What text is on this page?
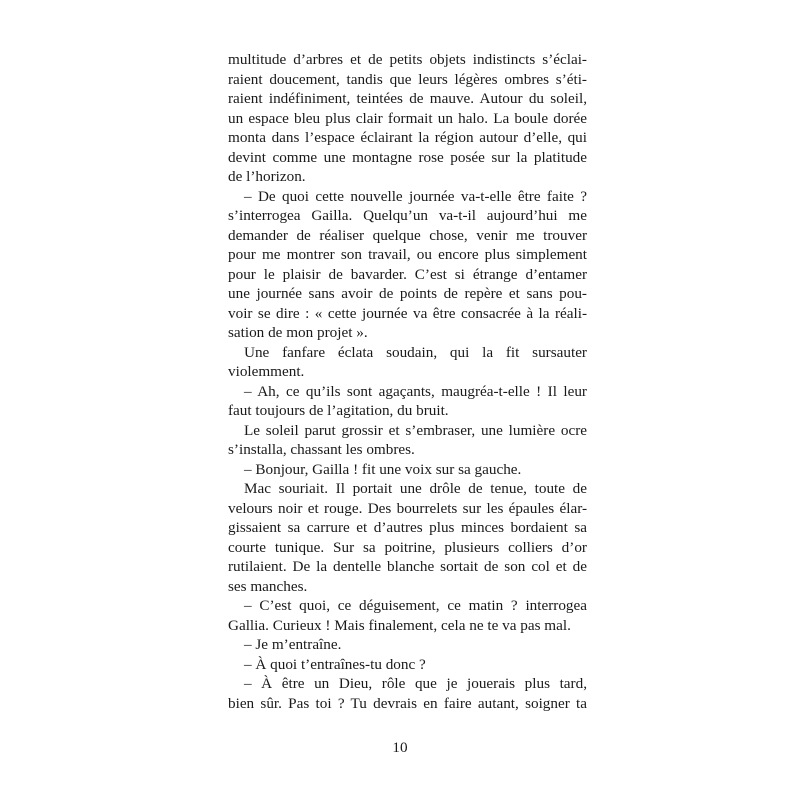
multitude d’arbres et de petits objets indistincts s’éclai-
raient doucement, tandis que leurs légères ombres s’éti-
raient indéfiniment, teintées de mauve. Autour du soleil,
un espace bleu plus clair formait un halo. La boule dorée
monta dans l’espace éclairant la région autour d’elle, qui
devint comme une montagne rose posée sur la platitude
de l’horizon.
– De quoi cette nouvelle journée va-t-elle être faite ?
s’interrogea Gailla. Quelqu’un va-t-il aujourd’hui me
demander de réaliser quelque chose, venir me trouver
pour me montrer son travail, ou encore plus simplement
pour le plaisir de bavarder. C’est si étrange d’entamer
une journée sans avoir de points de repère et sans pou-
voir se dire : « cette journée va être consacrée à la réali-
sation de mon projet ».
Une fanfare éclata soudain, qui la fit sursauter
violemment.
– Ah, ce qu’ils sont agaçants, maugréa-t-elle ! Il leur
faut toujours de l’agitation, du bruit.
Le soleil parut grossir et s’embraser, une lumière ocre
s’installa, chassant les ombres.
– Bonjour, Gailla ! fit une voix sur sa gauche.
Mac souriait. Il portait une drôle de tenue, toute de
velours noir et rouge. Des bourrelets sur les épaules élar-
gissaient sa carrure et d’autres plus minces bordaient sa
courte tunique. Sur sa poitrine, plusieurs colliers d’or
rutilaient. De la dentelle blanche sortait de son col et de
ses manches.
– C’est quoi, ce déguisement, ce matin ? interrogea
Gallia. Curieux ! Mais finalement, cela ne te va pas mal.
– Je m’entraîne.
– À quoi t’entraînes-tu donc ?
– À être un Dieu, rôle que je jouerais plus tard,
bien sûr. Pas toi ? Tu devrais en faire autant, soigner ta
10
